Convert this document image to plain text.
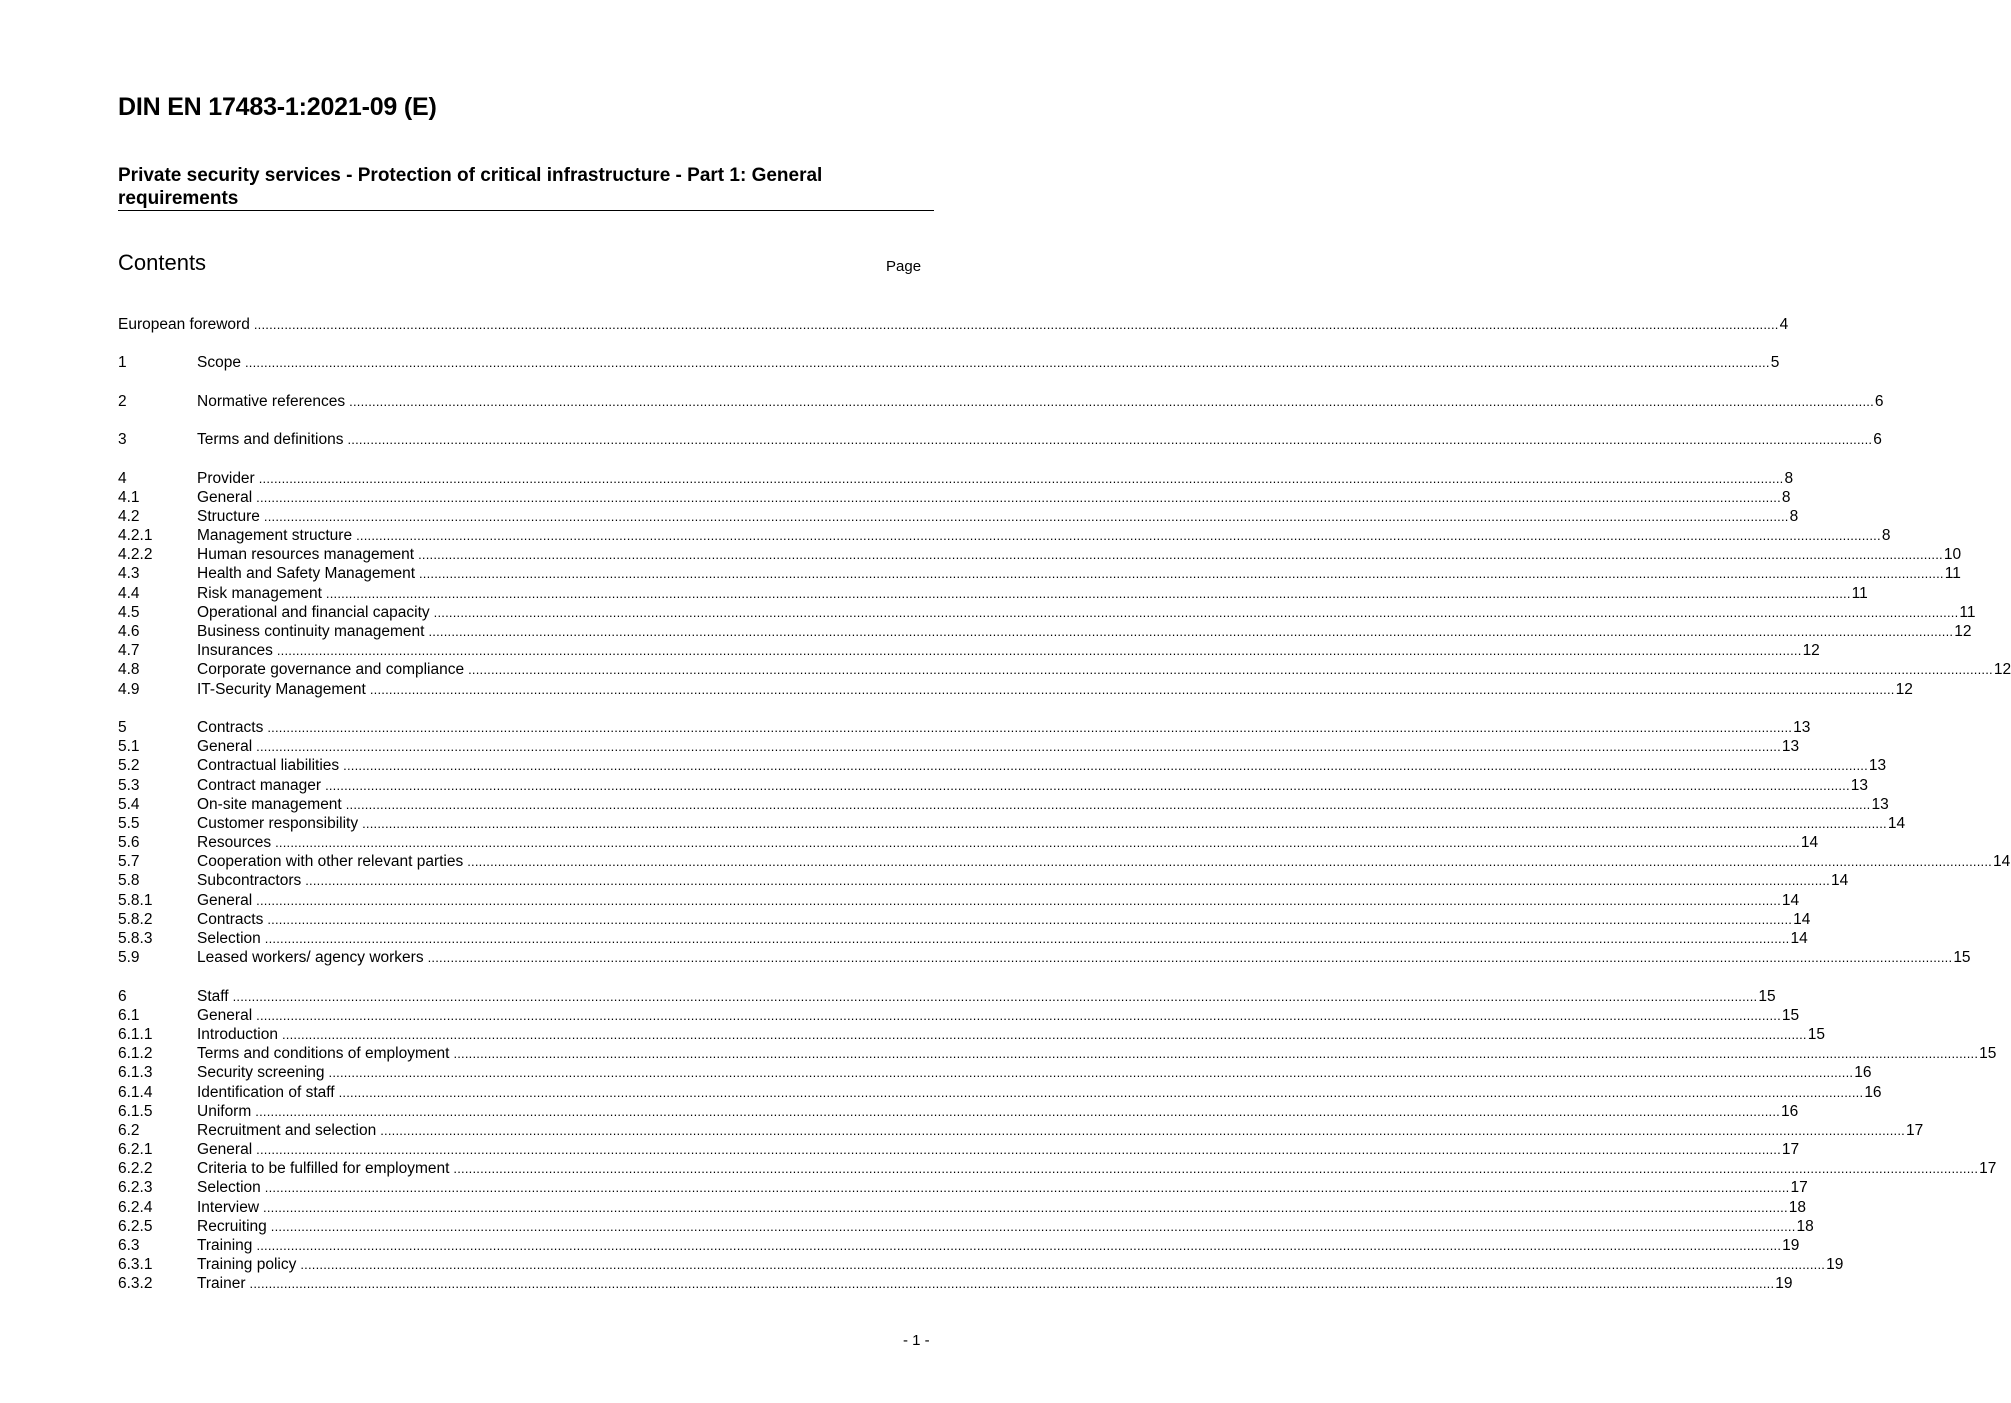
DIN EN 17483-1:2021-09 (E)
Private security services - Protection of critical infrastructure - Part 1: General requirements
Contents	Page
European foreword ................................................................................................................................................................................................................................................................................................................................................................................................................ 4
1	Scope ................................................................................................................................................................................................................................................................................................................................................................................................................ 5
2	Normative references ................................................................................................................................................................................................................................................................................................................................................................................................................ 6
3	Terms and definitions ................................................................................................................................................................................................................................................................................................................................................................................................................ 6
4	Provider ................................................................................................................................................................................................................................................................................................................................................................................................................ 8
4.1	General ................................................................................................................................................................................................................................................................................................................................................................................................................ 8
4.2	Structure ................................................................................................................................................................................................................................................................................................................................................................................................................ 8
4.2.1	Management structure ................................................................................................................................................................................................................................................................................................................................................................................................................ 8
4.2.2	Human resources management ................................................................................................................................................................................................................................................................................................................................................................................................................ 10
4.3	Health and Safety Management ................................................................................................................................................................................................................................................................................................................................................................................................................ 11
4.4	Risk management ................................................................................................................................................................................................................................................................................................................................................................................................................ 11
4.5	Operational and financial capacity ................................................................................................................................................................................................................................................................................................................................................................................................................ 11
4.6	Business continuity management ................................................................................................................................................................................................................................................................................................................................................................................................................ 12
4.7	Insurances ................................................................................................................................................................................................................................................................................................................................................................................................................ 12
4.8	Corporate governance and compliance ................................................................................................................................................................................................................................................................................................................................................................................................................ 12
4.9	IT-Security Management ................................................................................................................................................................................................................................................................................................................................................................................................................ 12
5	Contracts ................................................................................................................................................................................................................................................................................................................................................................................................................ 13
5.1	General ................................................................................................................................................................................................................................................................................................................................................................................................................ 13
5.2	Contractual liabilities ................................................................................................................................................................................................................................................................................................................................................................................................................ 13
5.3	Contract manager ................................................................................................................................................................................................................................................................................................................................................................................................................ 13
5.4	On-site management ................................................................................................................................................................................................................................................................................................................................................................................................................ 13
5.5	Customer responsibility ................................................................................................................................................................................................................................................................................................................................................................................................................ 14
5.6	Resources ................................................................................................................................................................................................................................................................................................................................................................................................................ 14
5.7	Cooperation with other relevant parties ................................................................................................................................................................................................................................................................................................................................................................................................................ 14
5.8	Subcontractors ................................................................................................................................................................................................................................................................................................................................................................................................................ 14
5.8.1	General ................................................................................................................................................................................................................................................................................................................................................................................................................ 14
5.8.2	Contracts ................................................................................................................................................................................................................................................................................................................................................................................................................ 14
5.8.3	Selection ................................................................................................................................................................................................................................................................................................................................................................................................................ 14
5.9	Leased workers/ agency workers ................................................................................................................................................................................................................................................................................................................................................................................................................ 15
6	Staff ................................................................................................................................................................................................................................................................................................................................................................................................................ 15
6.1	General ................................................................................................................................................................................................................................................................................................................................................................................................................ 15
6.1.1	Introduction ................................................................................................................................................................................................................................................................................................................................................................................................................ 15
6.1.2	Terms and conditions of employment ................................................................................................................................................................................................................................................................................................................................................................................................................ 15
6.1.3	Security screening ................................................................................................................................................................................................................................................................................................................................................................................................................ 16
6.1.4	Identification of staff ................................................................................................................................................................................................................................................................................................................................................................................................................ 16
6.1.5	Uniform ................................................................................................................................................................................................................................................................................................................................................................................................................ 16
6.2	Recruitment and selection ................................................................................................................................................................................................................................................................................................................................................................................................................ 17
6.2.1	General ................................................................................................................................................................................................................................................................................................................................................................................................................ 17
6.2.2	Criteria to be fulfilled for employment ................................................................................................................................................................................................................................................................................................................................................................................................................ 17
6.2.3	Selection ................................................................................................................................................................................................................................................................................................................................................................................................................ 17
6.2.4	Interview ................................................................................................................................................................................................................................................................................................................................................................................................................ 18
6.2.5	Recruiting ................................................................................................................................................................................................................................................................................................................................................................................................................ 18
6.3	Training ................................................................................................................................................................................................................................................................................................................................................................................................................ 19
6.3.1	Training policy ................................................................................................................................................................................................................................................................................................................................................................................................................ 19
6.3.2	Trainer ................................................................................................................................................................................................................................................................................................................................................................................................................ 19
- 1 -
